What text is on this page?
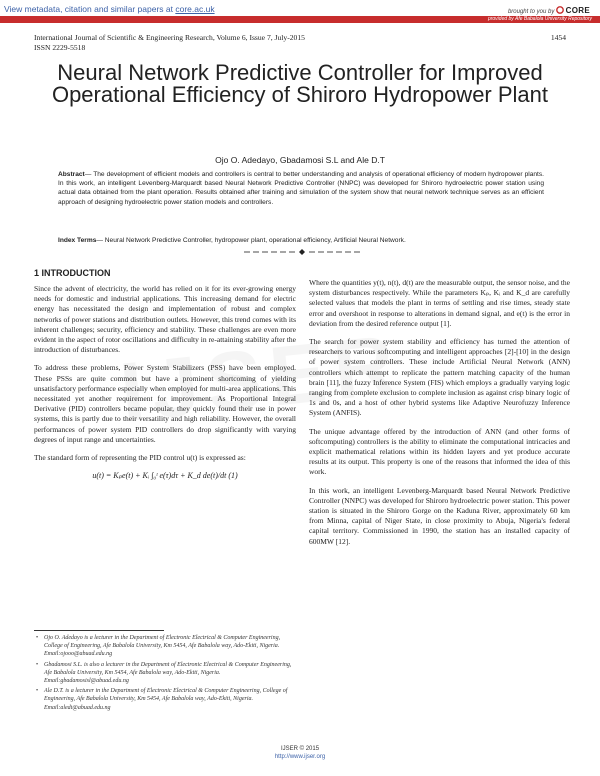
View metadata, citation and similar papers at core.ac.uk	brought to you by CORE
provided by Afe Babalola University Repository
International Journal of Scientific & Engineering Research, Volume 6, Issue 7, July-2015
ISSN 2229-5518
1454
Neural Network Predictive Controller for Improved Operational Efficiency of Shiroro Hydropower Plant
Ojo O. Adedayo, Gbadamosi S.L and Ale D.T
Abstract— The development of efficient models and controllers is central to better understanding and analysis of operational efficiency of modern hydropower plants. In this work, an intelligent Levenberg-Marquardt based Neural Network Predictive Controller (NNPC) was developed for Shiroro hydroelectric power station using actual data obtained from the plant operation. Results obtained after training and simulation of the system show that neural network technique serves as an efficient approach of designing hydroelectric power station models and controllers.
Index Terms— Neural Network Predictive Controller, hydropower plant, operational efficiency, Artificial Neural Network.
1 INTRODUCTION

Since the advent of electricity, the world has relied on it for its ever-growing energy needs for domestic and industrial applications. This increasing demand for electric energy has necessitated the design and implementation of robust and complex networks of power stations and distribution outlets. However, this trend comes with its inherent challenges; security, efficiency and stability. These challenges are even more evident in the aspect of rotor oscillations and difficulty in re-attaining stability after the introduction of disturbances.

To address these problems, Power System Stabilizers (PSS) have been employed. These PSSs are quite common but have a prominent shortcoming of yielding unsatisfactory performance especially when employed for multi-area applications. This necessitated yet another requirement for improvement. As Proportional Integral Derivative (PID) controllers became popular, they quickly found their use in power systems, this is partly due to their versatility and high reliability. However, the overall performances of power system PID controllers do drop significantly with varying degrees of input range and uncertainties.

The standard form of representing the PID control u(t) is expressed as:

u(t) = Kₚe(t) + Kᵢ ∫₀ᵗ e(τ)dτ + K_d de(t)/dt (1)
• Ojo O. Adedayo is a lecturer in the Department of Electronic Electrical & Computer Engineering, College of Engineering, Afe Babalola University, Km 5454, Afe Babalola way, Ado-Ekiti, Nigeria. Email:ojooo@abuad.edu.ng
• Gbadamosi S.L. is also a lecturer in the Department of Electronic Electrical & Computer Engineering, Afe Babalola University, Km 5454, Afe Babalola way, Ado-Ekiti, Nigeria. Email:gbadamosisl@abuad.edu.ng
• Ale D.T. is a lecturer in the Department of Electronic Electrical & Computer Engineering, College of Engineering, Afe Babalola University, Km 5454, Afe Babalola way, Ado-Ekiti, Nigeria. Email:aledt@abuad.edu.ng

Where the quantities y(t), n(t), d(t) are the measurable output, the sensor noise, and the system disturbances respectively. While the parameters Kₚ, Kᵢ and K_d are carefully selected values that models the plant in terms of settling and rise times, steady state error and overshoot in response to alterations in demand signal, and e(t) is the error in deviation from the desired reference output [1].

The search for power system stability and efficiency has turned the attention of researchers to various softcomputing and intelligent approaches [2]-[10] in the design of power system controllers. These include Artificial Neural Network (ANN) controllers which attempt to replicate the pattern matching capacity of the human brain [11], the fuzzy Inference System (FIS) which employs a gradually varying logic ranging from complete exclusion to complete inclusion as against crisp binary logic of 1s and 0s, and a host of other hybrid systems like Adaptive Neurofuzzy Inference System (ANFIS).

The unique advantage offered by the introduction of ANN (and other forms of softcomputing) controllers is the ability to eliminate the computational intricacies and explicit mathematical relations within its hidden layers and yet produce accurate results at its output. This property is one of the reasons that informed the idea of this work.

In this work, an intelligent Levenberg-Marquardt based Neural Network Predictive Controller (NNPC) was developed for Shiroro hydroelectric power station. This power station is situated in the Shiroro Gorge on the Kaduna River, approximately 60 km from Minna, capital of Niger State, in close proximity to Abuja, Nigeria's federal capital territory. Commissioned in 1990, the station has an installed capacity of 600MW [12].

IJSER © 2015
http://www.ijser.org
